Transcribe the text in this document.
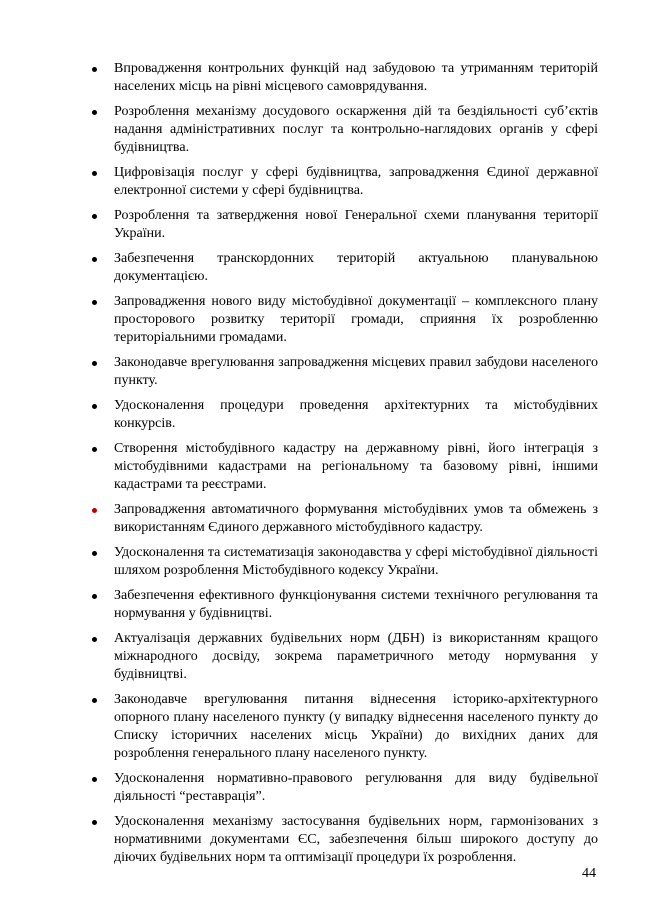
Впровадження контрольних функцій над забудовою та утриманням територій населених місць на рівні місцевого самоврядування.
Розроблення механізму досудового оскарження дій та бездіяльності суб’єктів надання адміністративних послуг та контрольно-наглядових органів у сфері будівництва.
Цифровізація послуг у сфері будівництва, запровадження Єдиної державної електронної системи у сфері будівництва.
Розроблення та затвердження нової Генеральної схеми планування території України.
Забезпечення транскордонних територій актуальною планувальною документацією.
Запровадження нового виду містобудівної документації – комплексного плану просторового розвитку території громади, сприяння їх розробленню територіальними громадами.
Законодавче врегулювання запровадження місцевих правил забудови населеного пункту.
Удосконалення процедури проведення архітектурних та містобудівних конкурсів.
Створення містобудівного кадастру на державному рівні, його інтеграція з містобудівними кадастрами на регіональному та базовому рівні, іншими кадастрами та реєстрами.
Запровадження автоматичного формування містобудівних умов та обмежень з використанням Єдиного державного містобудівного кадастру.
Удосконалення та систематизація законодавства у сфері містобудівної діяльності шляхом розроблення Містобудівного кодексу України.
Забезпечення ефективного функціонування системи технічного регулювання та нормування у будівництві.
Актуалізація державних будівельних норм (ДБН) із використанням кращого міжнародного досвіду, зокрема параметричного методу нормування у будівництві.
Законодавче врегулювання питання віднесення історико-архітектурного опорного плану населеного пункту (у випадку віднесення населеного пункту до Списку історичних населених місць України) до вихідних даних для розроблення генерального плану населеного пункту.
Удосконалення нормативно-правового регулювання для виду будівельної діяльності “реставрація”.
Удосконалення механізму застосування будівельних норм, гармонізованих з нормативними документами ЄС, забезпечення більш широкого доступу до діючих будівельних норм та оптимізації процедури їх розроблення.
44
